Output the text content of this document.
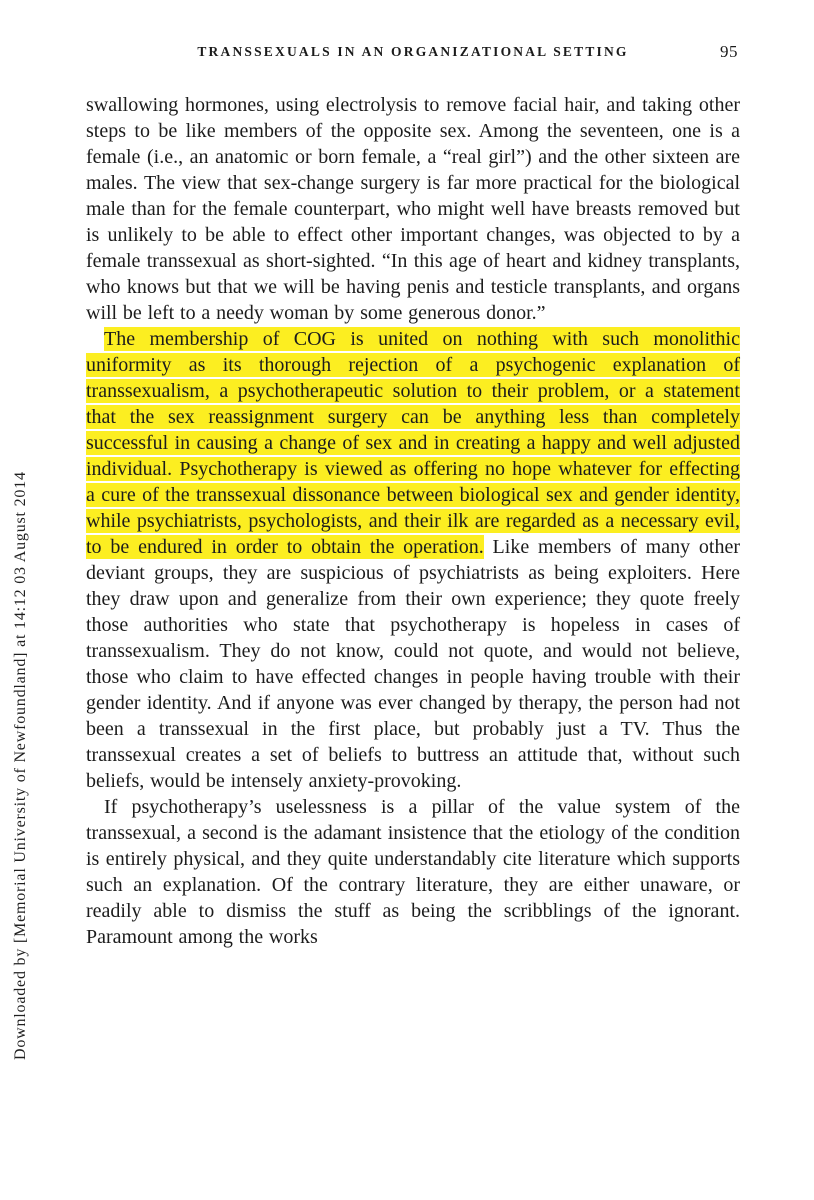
Downloaded by [Memorial University of Newfoundland] at 14:12 03 August 2014
TRANSSEXUALS IN AN ORGANIZATIONAL SETTING	95

swallowing hormones, using electrolysis to remove facial hair, and taking other steps to be like members of the opposite sex. Among the seventeen, one is a female (i.e., an anatomic or born female, a “real girl”) and the other sixteen are males. The view that sex-change surgery is far more practical for the biological male than for the female counterpart, who might well have breasts removed but is unlikely to be able to effect other important changes, was objected to by a female transsexual as short-sighted. “In this age of heart and kidney transplants, who knows but that we will be having penis and testicle transplants, and organs will be left to a needy woman by some generous donor.”

The membership of COG is united on nothing with such monolithic uniformity as its thorough rejection of a psychogenic explanation of transsexualism, a psychotherapeutic solution to their problem, or a statement that the sex reassignment surgery can be anything less than completely successful in causing a change of sex and in creating a happy and well adjusted individual. Psychotherapy is viewed as offering no hope whatever for effecting a cure of the transsexual dissonance between biological sex and gender identity, while psychiatrists, psychologists, and their ilk are regarded as a necessary evil, to be endured in order to obtain the operation. Like members of many other deviant groups, they are suspicious of psychiatrists as being exploiters. Here they draw upon and generalize from their own experience; they quote freely those authorities who state that psychotherapy is hopeless in cases of transsexualism. They do not know, could not quote, and would not believe, those who claim to have effected changes in people having trouble with their gender identity. And if anyone was ever changed by therapy, the person had not been a transsexual in the first place, but probably just a TV. Thus the transsexual creates a set of beliefs to buttress an attitude that, without such beliefs, would be intensely anxiety-provoking.

If psychotherapy’s uselessness is a pillar of the value system of the transsexual, a second is the adamant insistence that the etiology of the condition is entirely physical, and they quite understandably cite literature which supports such an explanation. Of the contrary literature, they are either unaware, or readily able to dismiss the stuff as being the scribblings of the ignorant. Paramount among the works
